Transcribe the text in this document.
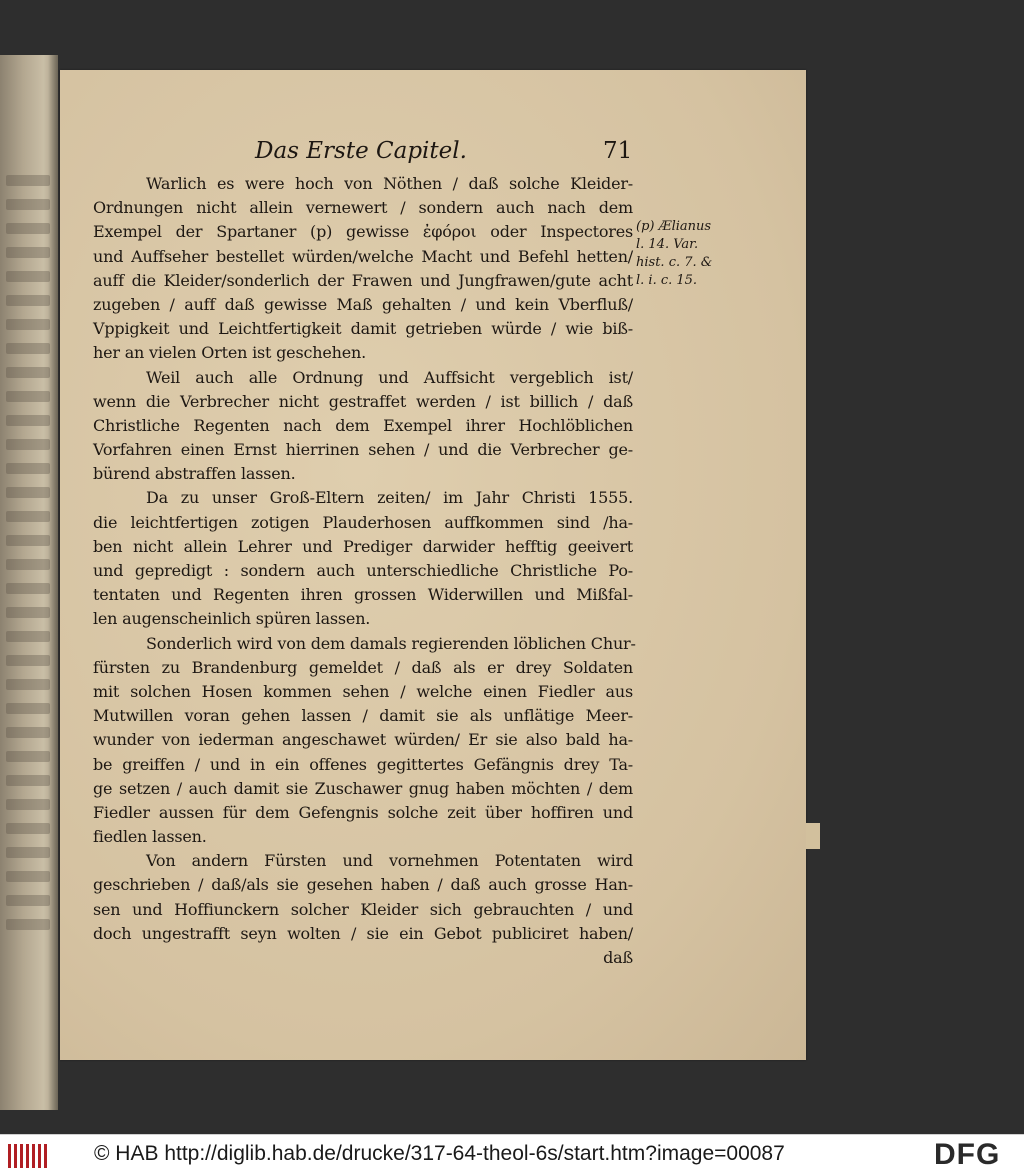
Das Erste Capitel.	71
Warlich es were hoch von Nöthen / daß solche Kleider-
Ordnungen nicht allein vernewert / sondern auch nach dem
Exempel der Spartaner (p) gewisse ἐφόροι oder Inspectores
und Auffseher bestellet würden/welche Macht und Befehl hetten/
auff die Kleider/sonderlich der Frawen und Jungfrawen/gute acht
zugeben / auff daß gewisse Maß gehalten / und kein Vberfluß/
Vppigkeit und Leichtfertigkeit damit getrieben würde / wie biß-
her an vielen Orten ist geschehen.
Weil auch alle Ordnung und Auffsicht vergeblich ist/
wenn die Verbrecher nicht gestraffet werden / ist billich / daß
Christliche Regenten nach dem Exempel ihrer Hochlöblichen
Vorfahren einen Ernst hierrinen sehen / und die Verbrecher ge-
bürend abstraffen lassen.
Da zu unser Groß-Eltern zeiten/ im Jahr Christi 1555.
die leichtfertigen zotigen Plauderhosen auffkommen sind /ha-
ben nicht allein Lehrer und Prediger darwider hefftig geeivert
und gepredigt : sondern auch unterschiedliche Christliche Po-
tentaten und Regenten ihren grossen Widerwillen und Mißfal-
len augenscheinlich spüren lassen.
Sonderlich wird von dem damals regierenden löblichen Chur-
fürsten zu Brandenburg gemeldet / daß als er drey Soldaten
mit solchen Hosen kommen sehen / welche einen Fiedler aus
Mutwillen voran gehen lassen / damit sie als unflätige Meer-
wunder von iederman angeschawet würden/ Er sie also bald ha-
be greiffen / und in ein offenes gegittertes Gefängnis drey Ta-
ge setzen / auch damit sie Zuschawer gnug haben möchten / dem
Fiedler aussen für dem Gefengnis solche zeit über hoffiren und
fiedlen lassen.
Von andern Fürsten und vornehmen Potentaten wird
geschrieben / daß/als sie gesehen haben / daß auch grosse Han-
sen und Hoffiunckern solcher Kleider sich gebrauchten / und
doch ungestrafft seyn wolten / sie ein Gebot publiciret haben/
daß
(p) Ælianus
l. 14. Var.
hist. c. 7. &
l. i. c. 15.
© HAB http://diglib.hab.de/drucke/317-64-theol-6s/start.htm?image=00087	DFG
